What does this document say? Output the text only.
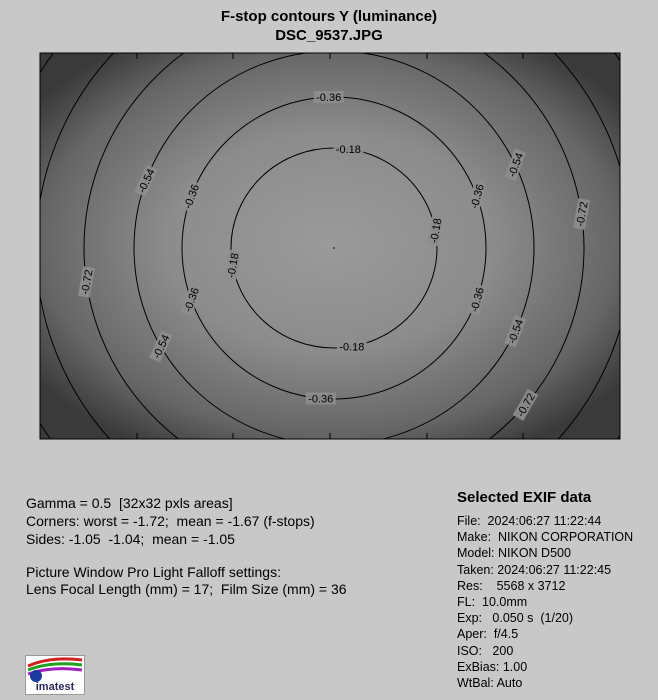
F-stop contours Y (luminance)
DSC_9537.JPG
-0.18
-0.18
-0.18
-0.18
-0.36
-0.36
-0.36
-0.36
-0.36
-0.36
-0.54
-0.54
-0.54
-0.54
-0.72
-0.72
-0.72
Gamma = 0.5  [32x32 pxls areas]
Corners: worst = -1.72;  mean = -1.67 (f-stops)
Sides: -1.05  -1.04;  mean = -1.05
Picture Window Pro Light Falloff settings:
Lens Focal Length (mm) = 17;  Film Size (mm) = 36
Selected EXIF data
File:  2024:06:27 11:22:44
Make:  NIKON CORPORATION
Model: NIKON D500
Taken: 2024:06:27 11:22:45
Res:    5568 x 3712
FL:  10.0mm
Exp:   0.050 s  (1/20)
Aper:  f/4.5
ISO:   200
ExBias: 1.00
WtBal: Auto
imatest
